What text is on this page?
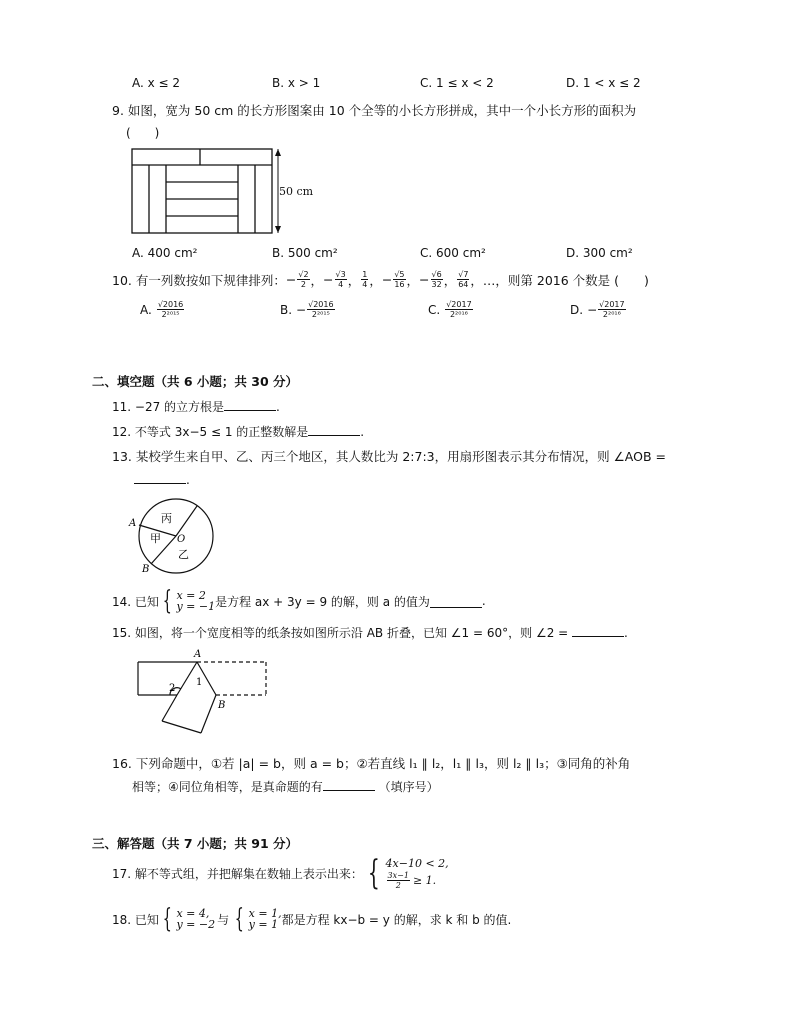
A. x ≤ 2	B. x > 1	C. 1 ≤ x < 2	D. 1 < x ≤ 2
9. 如图，宽为 50 cm 的长方形图案由 10 个全等的小长方形拼成，其中一个小长方形的面积为
(　　)
50 cm
A. 400 cm²	B. 500 cm²	C. 600 cm²	D. 300 cm²
10. 有一列数按如下规律排列： − $\frac{√2}{2}$ ， − $\frac{√3}{4}$ ， $\frac{1}{4}$ ， − $\frac{√5}{16}$ ， − $\frac{√6}{32}$ ， $\frac{√7}{64}$ ，…，则第 2016 个数是 (　　)
A. $\frac{√2016}{\text{2²⁰¹⁵}}$	B. − $\frac{√2016}{\text{2²⁰¹⁵}}$	C. $\frac{√2017}{\text{2²⁰¹⁶}}$	D. − $\frac{√2017}{\text{2²⁰¹⁶}}$
二、填空题（共 6 小题；共 30 分）
11. −27 的立方根是	.
12. 不等式 3x−5 ≤ 1 的正整数解是	.
13. 某校学生来自甲、乙、丙三个地区，其人数比为 2:7:3，用扇形图表示其分布情况，则 ∠AOB =
.
A
B
O
甲
乙
丙
14. 已知 { x = 2
y = −1 是方程 ax + 3y = 9 的解，则 a 的值为	.
15. 如图，将一个宽度相等的纸条按如图所示沿 AB 折叠，已知 ∠1 = 60°，则 ∠2 =	.
A
B
1
2
16. 下列命题中，①若 |a| = b，则 a = b；②若直线 l₁ ∥ l₂，l₁ ∥ l₃，则 l₂ ∥ l₃；③同角的补角
相等；④同位角相等，是真命题的有	（填序号）
三、解答题（共 7 小题；共 91 分）
17. 解不等式组，并把解集在数轴上表示出来： { 4x−10 < 2,
$\frac{3x-1}{2} \ge 1$.
18. 已知 { x = 4,
y = −2 与 { x = 1,
y = 1 都是方程 kx−b = y 的解，求 k 和 b 的值.
